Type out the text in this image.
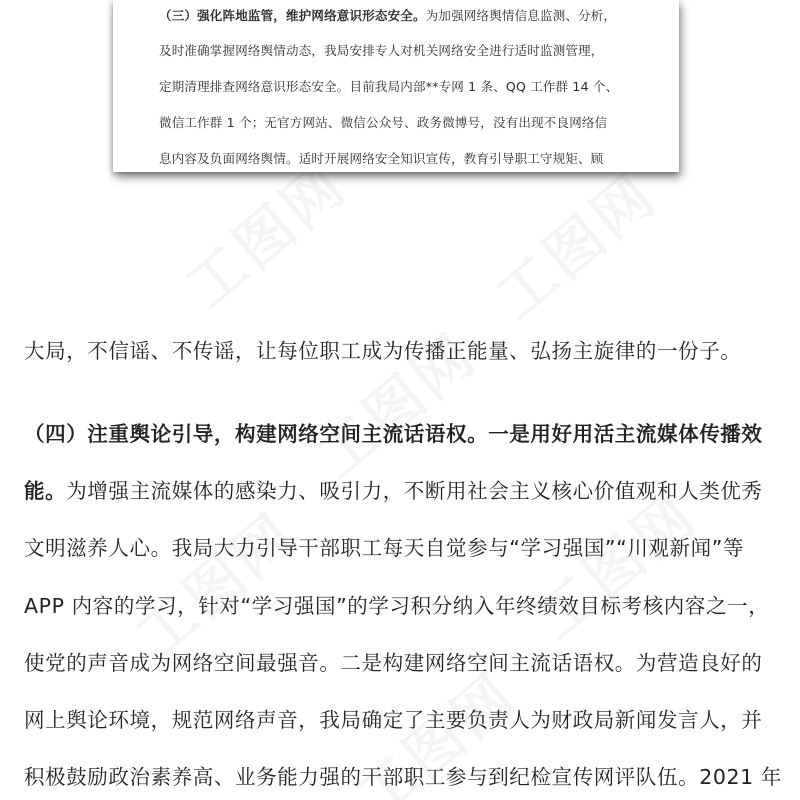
（三）强化阵地监管，维护网络意识形态安全。为加强网络舆情信息监测、分析，
及时准确掌握网络舆情动态，我局安排专人对机关网络安全进行适时监测管理，
定期清理排查网络意识形态安全。目前我局内部**专网 1 条、QQ 工作群 14 个、
微信工作群 1 个；无官方网站、微信公众号、政务微博号，没有出现不良网络信
息内容及负面网络舆情。适时开展网络安全知识宣传，教育引导职工守规矩、顾
大局，不信谣、不传谣，让每位职工成为传播正能量、弘扬主旋律的一份子。
（四）注重舆论引导，构建网络空间主流话语权。一是用好用活主流媒体传播效
能。为增强主流媒体的感染力、吸引力，不断用社会主义核心价值观和人类优秀
文明滋养人心。我局大力引导干部职工每天自觉参与“学习强国”“川观新闻”等
APP 内容的学习，针对“学习强国”的学习积分纳入年终绩效目标考核内容之一，
使党的声音成为网络空间最强音。二是构建网络空间主流话语权。为营造良好的
网上舆论环境，规范网络声音，我局确定了主要负责人为财政局新闻发言人，并
积极鼓励政治素养高、业务能力强的干部职工参与到纪检宣传网评队伍。2021 年
